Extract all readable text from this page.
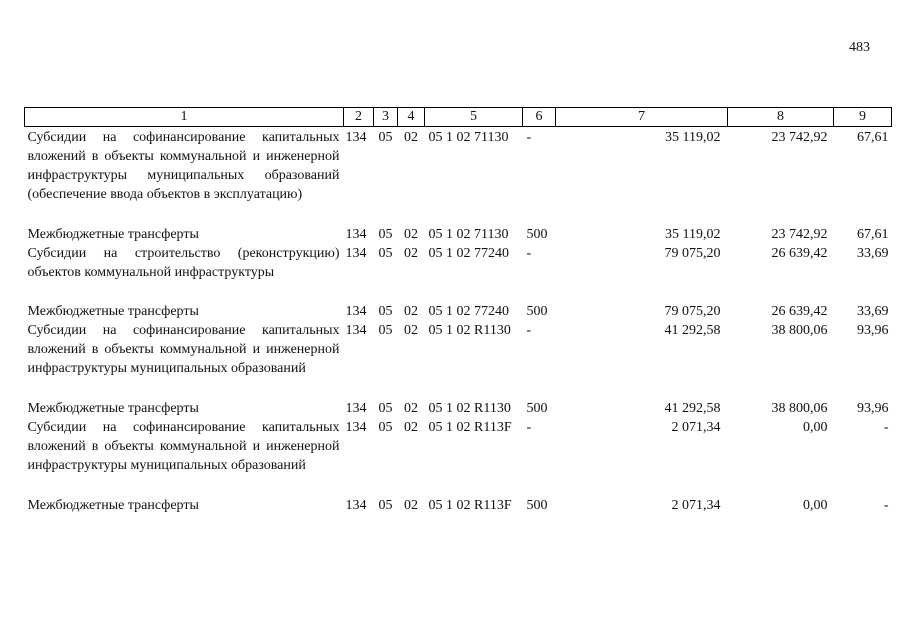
483
1	2	3	4	5	6	7	8	9
Субсидии на софинансирование капитальных вложений в объекты коммунальной и инженерной инфраструктуры муниципальных образований (обеспечение ввода объектов в эксплуатацию)	134	05	02	05 1 02 71130	-	35 119,02	23 742,92	67,61

Межбюджетные трансферты	134	05	02	05 1 02 71130	500	35 119,02	23 742,92	67,61
Субсидии на строительство (реконструкцию) объектов коммунальной инфраструктуры	134	05	02	05 1 02 77240	-	79 075,20	26 639,42	33,69

Межбюджетные трансферты	134	05	02	05 1 02 77240	500	79 075,20	26 639,42	33,69
Субсидии на софинансирование капитальных вложений в объекты коммунальной и инженерной инфраструктуры муниципальных образований	134	05	02	05 1 02 R1130	-	41 292,58	38 800,06	93,96

Межбюджетные трансферты	134	05	02	05 1 02 R1130	500	41 292,58	38 800,06	93,96
Субсидии на софинансирование капитальных вложений в объекты коммунальной и инженерной инфраструктуры муниципальных образований	134	05	02	05 1 02 R113F	-	2 071,34	0,00	-

Межбюджетные трансферты	134	05	02	05 1 02 R113F	500	2 071,34	0,00	-
